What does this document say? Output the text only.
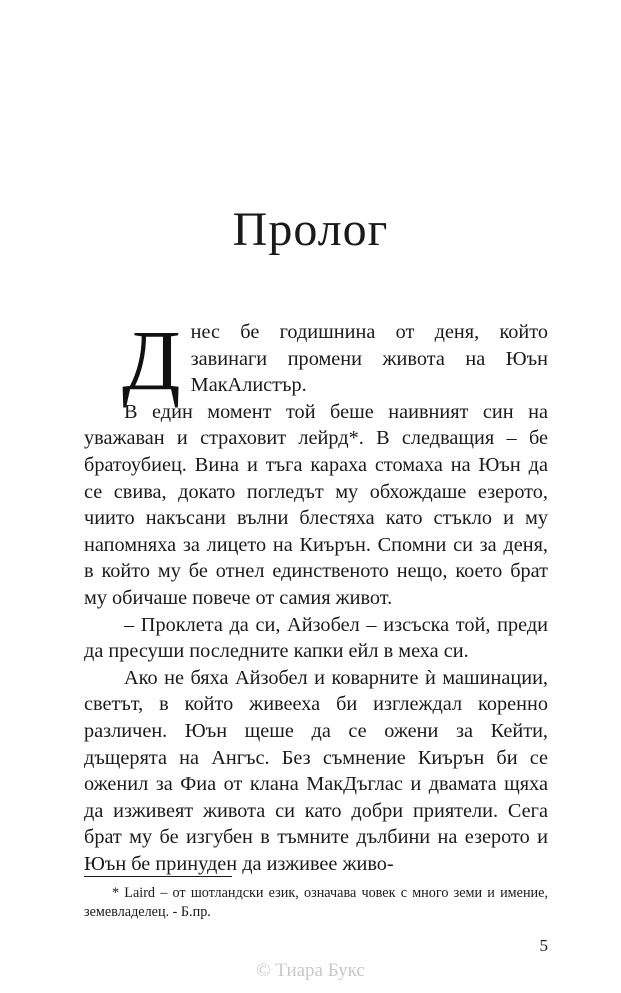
Пролог

Днес бе годишнина от деня, който завинаги промени живота на Юън МакАлистър.

В един момент той беше наивният син на уважаван и страховит лейрд*. В следващия – бе братоубиец. Вина и тъга караха стомаха на Юън да се свива, докато погледът му обхождаше езерото, чиито накъсани вълни блестяха като стъкло и му напомняха за лицето на Киърън. Спомни си за деня, в който му бе отнел единственото нещо, което брат му обичаше повече от самия живот.

– Проклета да си, Айзобел – изсъска той, преди да пресуши последните капки ейл в меха си.

Ако не бяха Айзобел и коварните ѝ машинации, светът, в който живееха би изглеждал коренно различен. Юън щеше да се ожени за Кейти, дъщерята на Ангъс. Без съмнение Киърън би се оженил за Фиа от клана МакДъглас и двамата щяха да изживеят живота си като добри приятели. Сега брат му бе изгубен в тъмните дълбини на езерото и Юън бе принуден да изживее живо-

* Laird – от шотландски език, означава човек с много земи и имение, земевладелец. - Б.пр.
5
© Тиара Букс
